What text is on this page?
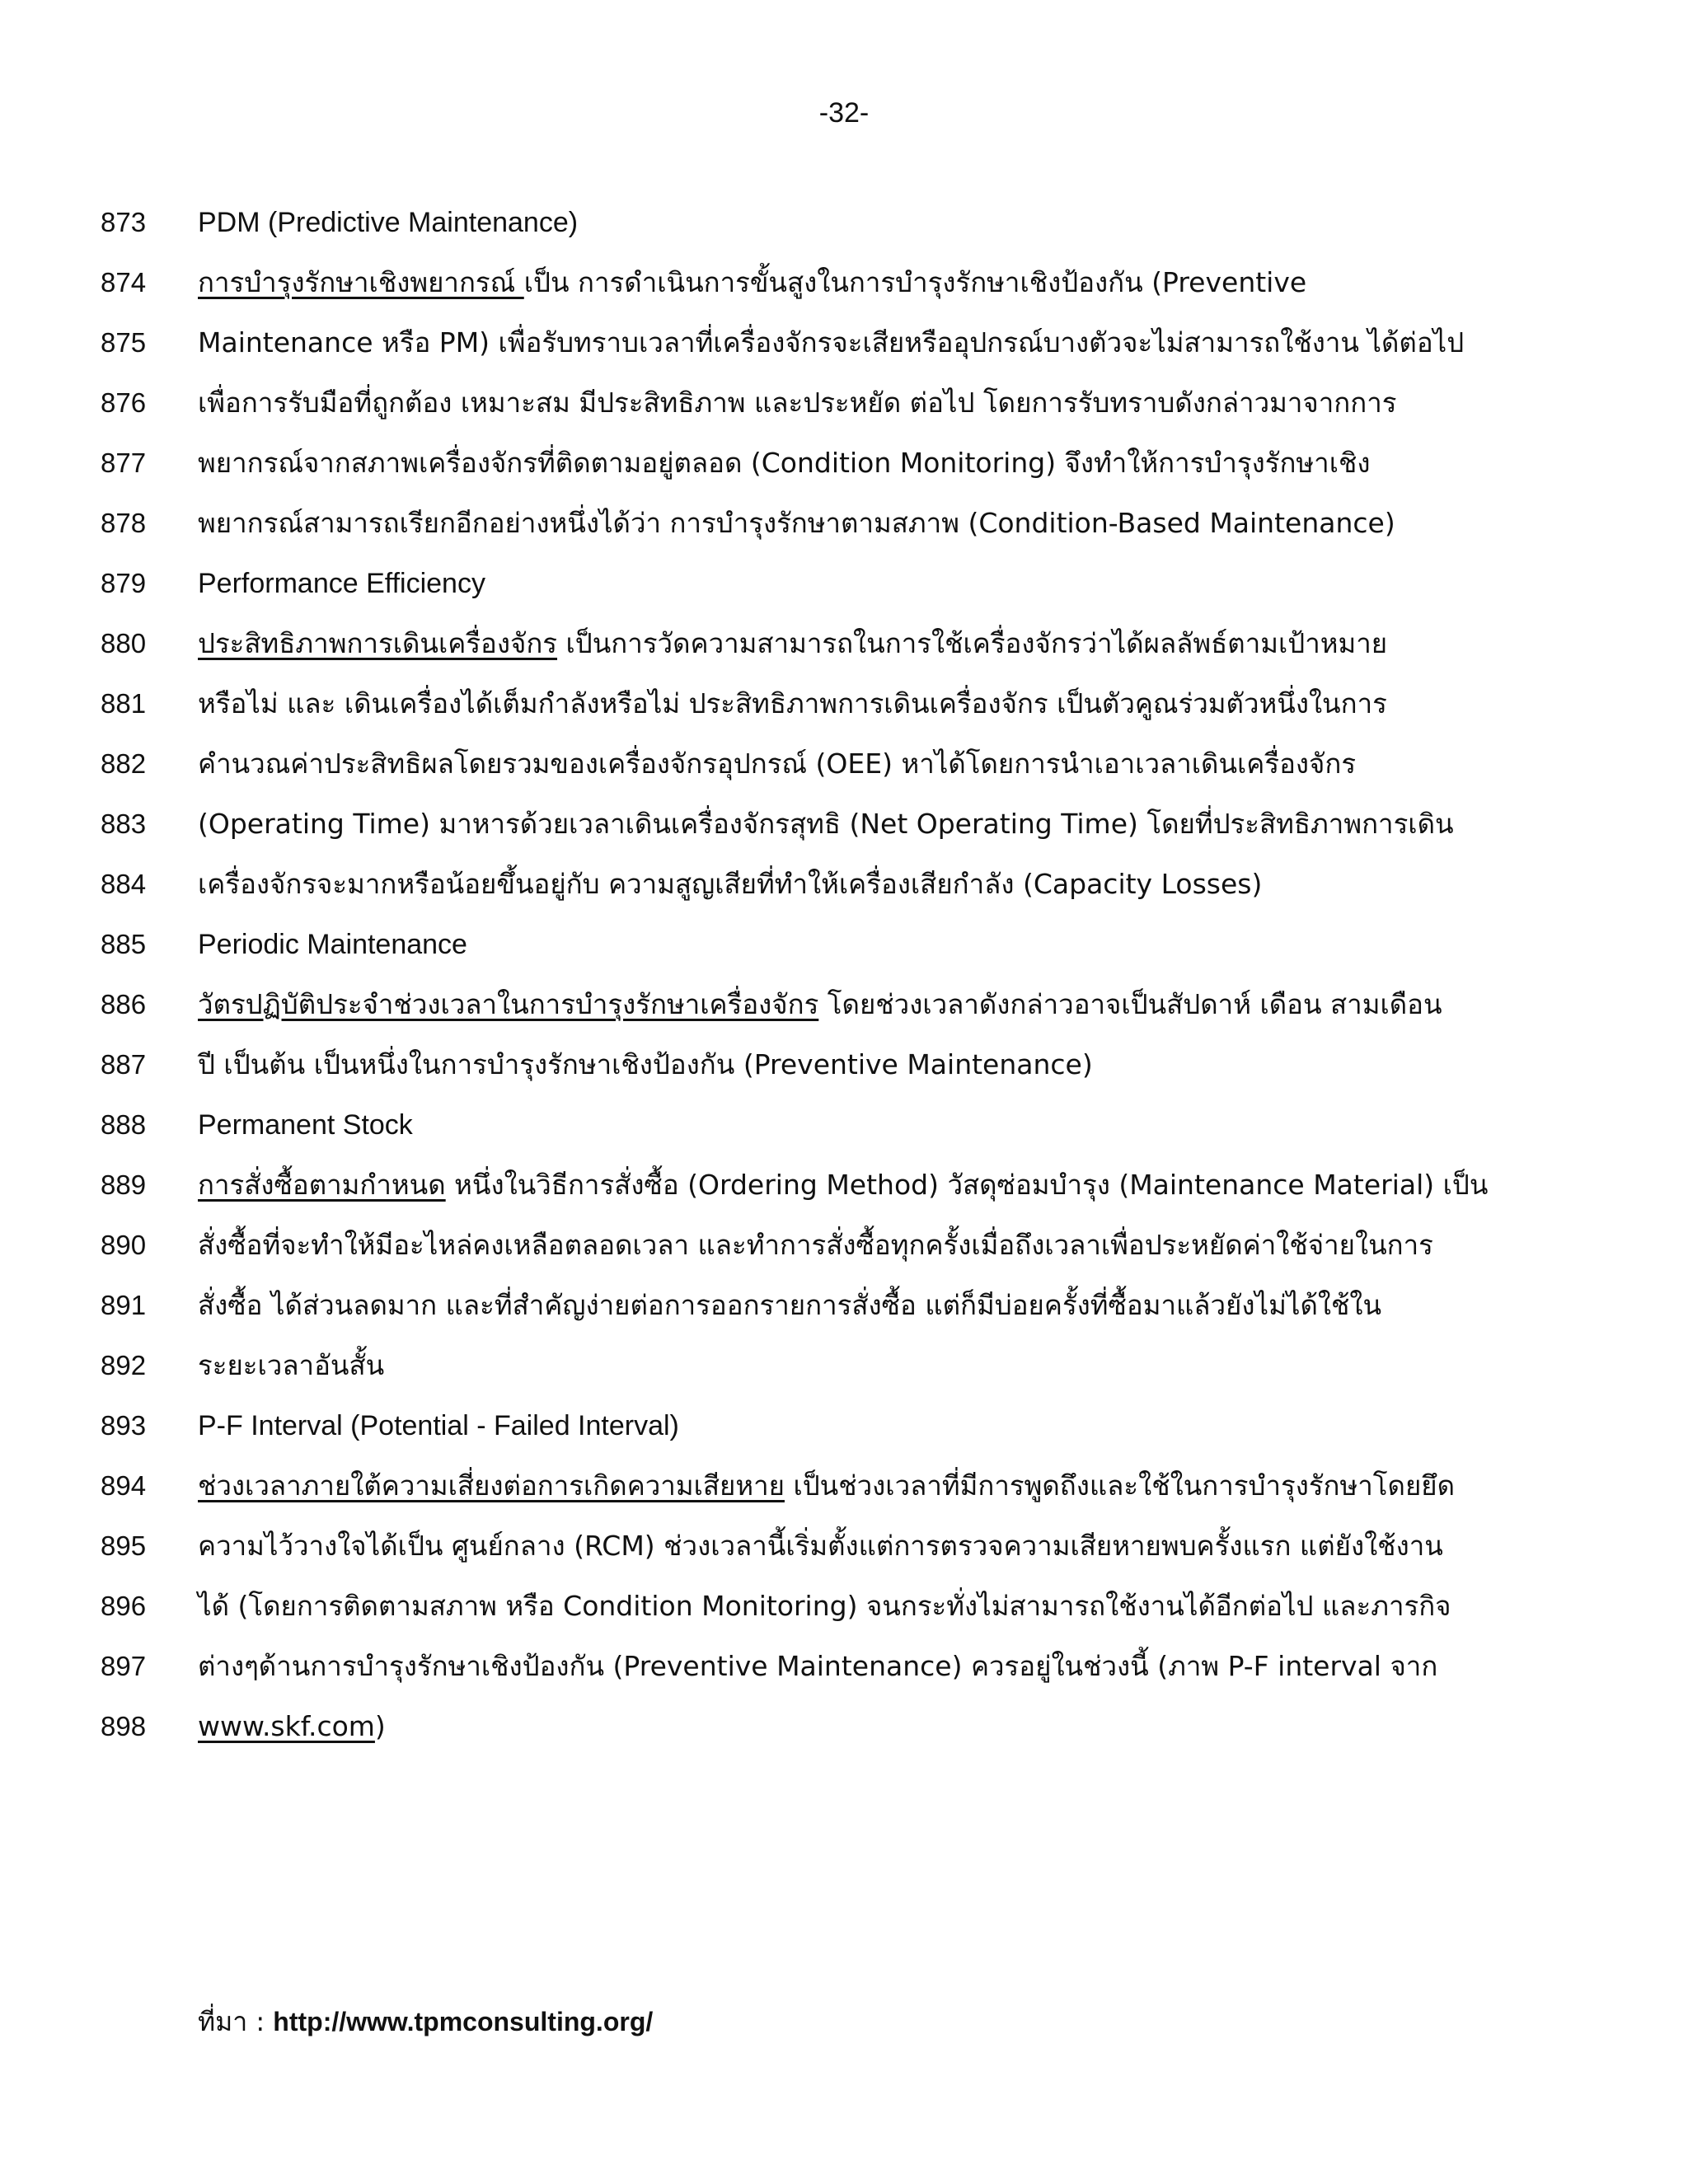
-32-
873 PDM (Predictive Maintenance)
874 การบำรุงรักษาเชิงพยากรณ์ เป็น การดำเนินการขั้นสูงในการบำรุงรักษาเชิงป้องกัน (Preventive
875 Maintenance หรือ PM) เพื่อรับทราบเวลาที่เครื่องจักรจะเสียหรืออุปกรณ์บางตัวจะไม่สามารถใช้งาน ได้ต่อไป
876 เพื่อการรับมือที่ถูกต้อง เหมาะสม มีประสิทธิภาพ และประหยัด ต่อไป โดยการรับทราบดังกล่าวมาจากการ
877 พยากรณ์จากสภาพเครื่องจักรที่ติดตามอยู่ตลอด (Condition Monitoring) จึงทำให้การบำรุงรักษาเชิง
878 พยากรณ์สามารถเรียกอีกอย่างหนึ่งได้ว่า การบำรุงรักษาตามสภาพ (Condition-Based Maintenance)
879 Performance Efficiency
880 ประสิทธิภาพการเดินเครื่องจักร เป็นการวัดความสามารถในการใช้เครื่องจักรว่าได้ผลลัพธ์ตามเป้าหมาย
881 หรือไม่ และ เดินเครื่องได้เต็มกำลังหรือไม่ ประสิทธิภาพการเดินเครื่องจักร เป็นตัวคูณร่วมตัวหนึ่งในการ
882 คำนวณค่าประสิทธิผลโดยรวมของเครื่องจักรอุปกรณ์ (OEE) หาได้โดยการนำเอาเวลาเดินเครื่องจักร
883 (Operating Time) มาหารด้วยเวลาเดินเครื่องจักรสุทธิ (Net Operating Time) โดยที่ประสิทธิภาพการเดิน
884 เครื่องจักรจะมากหรือน้อยขึ้นอยู่กับ ความสูญเสียที่ทำให้เครื่องเสียกำลัง (Capacity Losses)
885 Periodic Maintenance
886 วัตรปฏิบัติประจำช่วงเวลาในการบำรุงรักษาเครื่องจักร โดยช่วงเวลาดังกล่าวอาจเป็นสัปดาห์ เดือน สามเดือน
887 ปี เป็นต้น เป็นหนึ่งในการบำรุงรักษาเชิงป้องกัน (Preventive Maintenance)
888 Permanent Stock
889 การสั่งซื้อตามกำหนด หนึ่งในวิธีการสั่งซื้อ (Ordering Method) วัสดุซ่อมบำรุง (Maintenance Material) เป็น
890 สั่งซื้อที่จะทำให้มีอะไหล่คงเหลือตลอดเวลา และทำการสั่งซื้อทุกครั้งเมื่อถึงเวลาเพื่อประหยัดค่าใช้จ่ายในการ
891 สั่งซื้อ ได้ส่วนลดมาก และที่สำคัญง่ายต่อการออกรายการสั่งซื้อ แต่ก็มีบ่อยครั้งที่ซื้อมาแล้วยังไม่ได้ใช้ใน
892 ระยะเวลาอันสั้น
893 P-F Interval (Potential - Failed Interval)
894 ช่วงเวลาภายใต้ความเสี่ยงต่อการเกิดความเสียหาย เป็นช่วงเวลาที่มีการพูดถึงและใช้ในการบำรุงรักษาโดยยึด
895 ความไว้วางใจได้เป็น ศูนย์กลาง (RCM) ช่วงเวลานี้เริ่มตั้งแต่การตรวจความเสียหายพบครั้งแรก แต่ยังใช้งาน
896 ได้ (โดยการติดตามสภาพ หรือ Condition Monitoring) จนกระทั่งไม่สามารถใช้งานได้อีกต่อไป และภารกิจ
897 ต่างๆด้านการบำรุงรักษาเชิงป้องกัน (Preventive Maintenance) ควรอยู่ในช่วงนี้ (ภาพ P-F interval จาก
898 www.skf.com)
ที่มา : http://www.tpmconsulting.org/
